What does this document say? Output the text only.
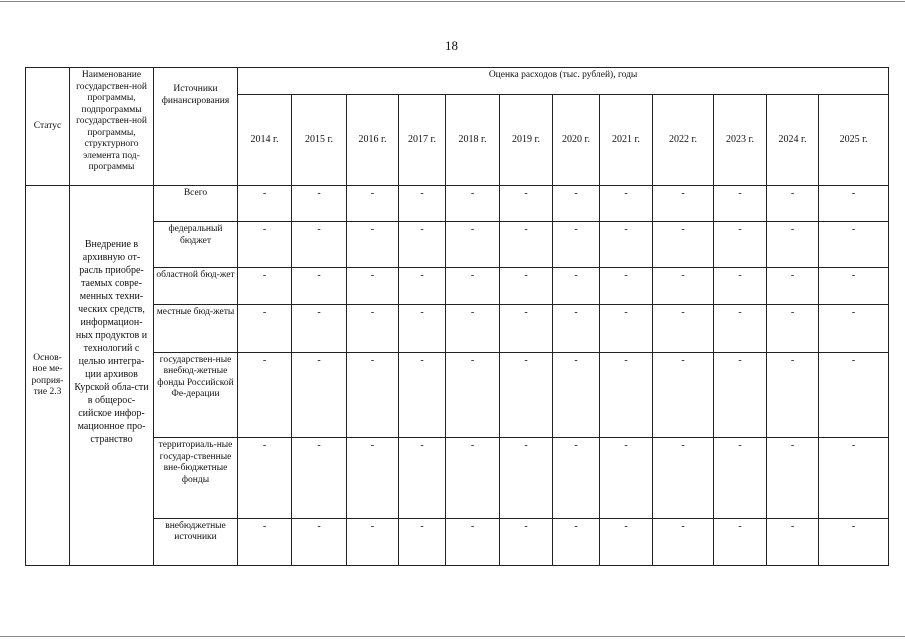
18
Статус	Наименование государствен-ной программы, подпрограммы государствен-ной программы, структурного элемента под-программы	Источники финансирования	Оценка расходов (тыс. рублей), годы											
			2014 г.	2015 г.	2016 г.	2017 г.	2018 г.	2019 г.	2020 г.	2021 г.	2022 г.	2023 г.	2024 г.	2025 г.
Основ-ное ме-роприя-тие 2.3	Внедрение в архивную от-расль приобре-таемых совре-менных техни-ческих средств, информацион-ных продуктов и технологий с целью интегра-ции архивов Курской обла-сти в общерос-сийское инфор-мационное про-странство	Всего	-	-	-	-	-	-	-	-	-	-	-	-
		федеральный бюджет	-	-	-	-	-	-	-	-	-	-	-	-
		областной бюд-жет	-	-	-	-	-	-	-	-	-	-	-	-
		местные бюд-жеты	-	-	-	-	-	-	-	-	-	-	-	-
		государствен-ные внебюд-жетные фонды Российской Фе-дерации	-	-	-	-	-	-	-	-	-	-	-	-
		территориаль-ные государ-ственные вне-бюджетные фонды	-	-	-	-	-	-	-	-	-	-	-	-
		внебюджетные источники	-	-	-	-	-	-	-	-	-	-	-	-
